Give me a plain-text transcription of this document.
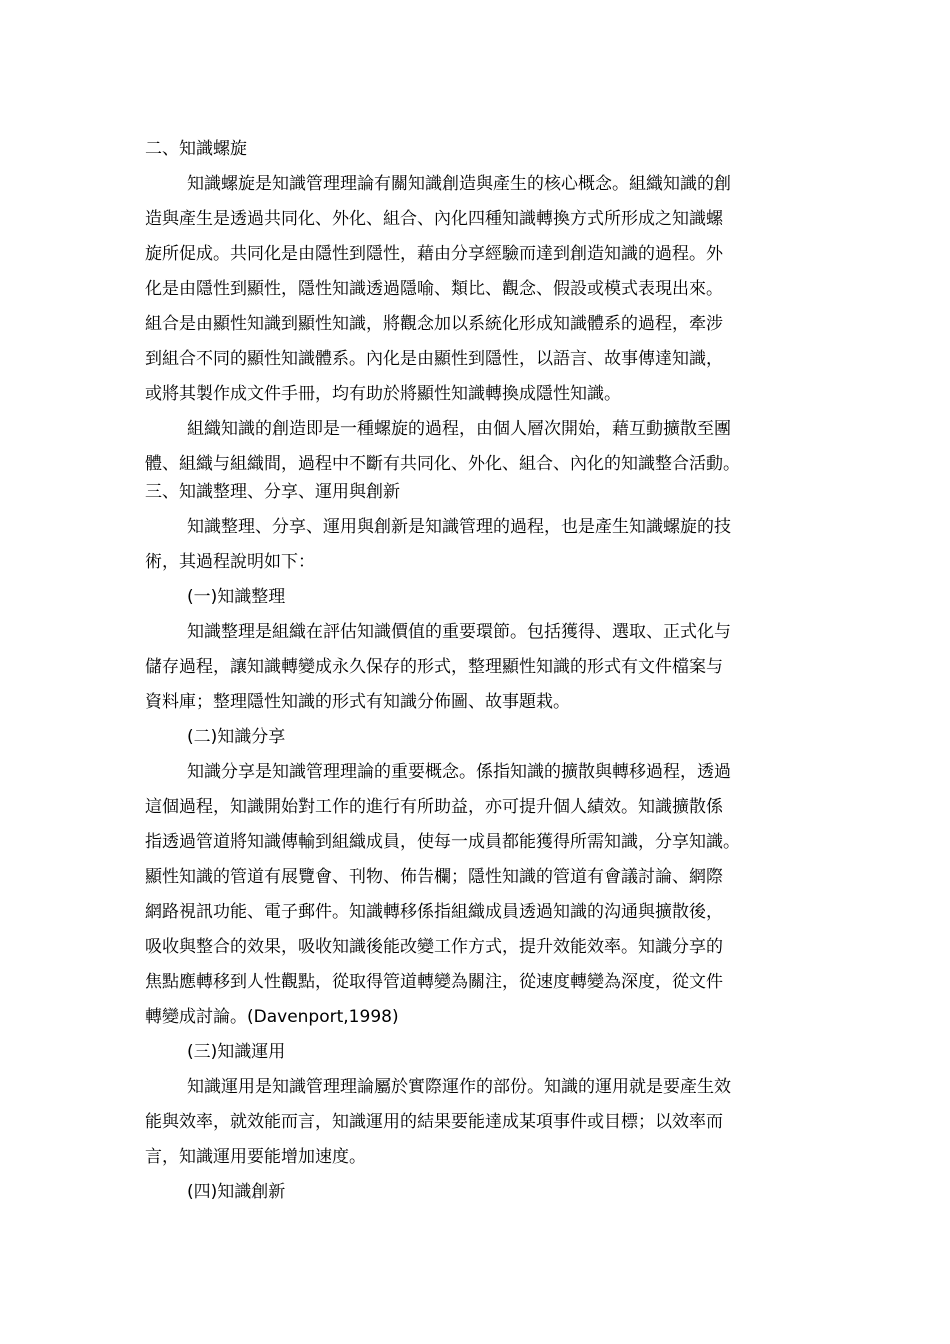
二、知識螺旋
知識螺旋是知識管理理論有關知識創造與產生的核心概念。組織知識的創
造與產生是透過共同化、外化、組合、內化四種知識轉換方式所形成之知識螺
旋所促成。共同化是由隱性到隱性，藉由分享經驗而達到創造知識的過程。外
化是由隱性到顯性，隱性知識透過隱喻、類比、觀念、假設或模式表現出來。
組合是由顯性知識到顯性知識，將觀念加以系統化形成知識體系的過程，牽涉
到組合不同的顯性知識體系。內化是由顯性到隱性，以語言、故事傳達知識，
或將其製作成文件手冊，均有助於將顯性知識轉換成隱性知識。
組織知識的創造即是一種螺旋的過程，由個人層次開始，藉互動擴散至團
體、組織与組織間，過程中不斷有共同化、外化、組合、內化的知識整合活動。
三、知識整理、分享、運用與創新
知識整理、分享、運用與創新是知識管理的過程，也是產生知識螺旋的技
術，其過程說明如下：
(一)知識整理
知識整理是組織在評估知識價值的重要環節。包括獲得、選取、正式化与
儲存過程，讓知識轉變成永久保存的形式，整理顯性知識的形式有文件檔案与
資料庫；整理隱性知識的形式有知識分佈圖、故事題栽。
(二)知識分享
知識分享是知識管理理論的重要概念。係指知識的擴散與轉移過程，透過
這個過程，知識開始對工作的進行有所助益，亦可提升個人績效。知識擴散係
指透過管道將知識傳輸到組織成員，使每一成員都能獲得所需知識，分享知識。
顯性知識的管道有展覽會、刊物、佈告欄；隱性知識的管道有會議討論、網際
網路視訊功能、電子郵件。知識轉移係指組織成員透過知識的沟通與擴散後，
吸收與整合的效果，吸收知識後能改變工作方式，提升效能效率。知識分享的
焦點應轉移到人性觀點，從取得管道轉變為關注，從速度轉變為深度，從文件
轉變成討論。(Davenport,1998)
(三)知識運用
知識運用是知識管理理論屬於實際運作的部份。知識的運用就是要產生效
能與效率，就效能而言，知識運用的結果要能達成某項事件或目標；以效率而
言，知識運用要能增加速度。
(四)知識創新
